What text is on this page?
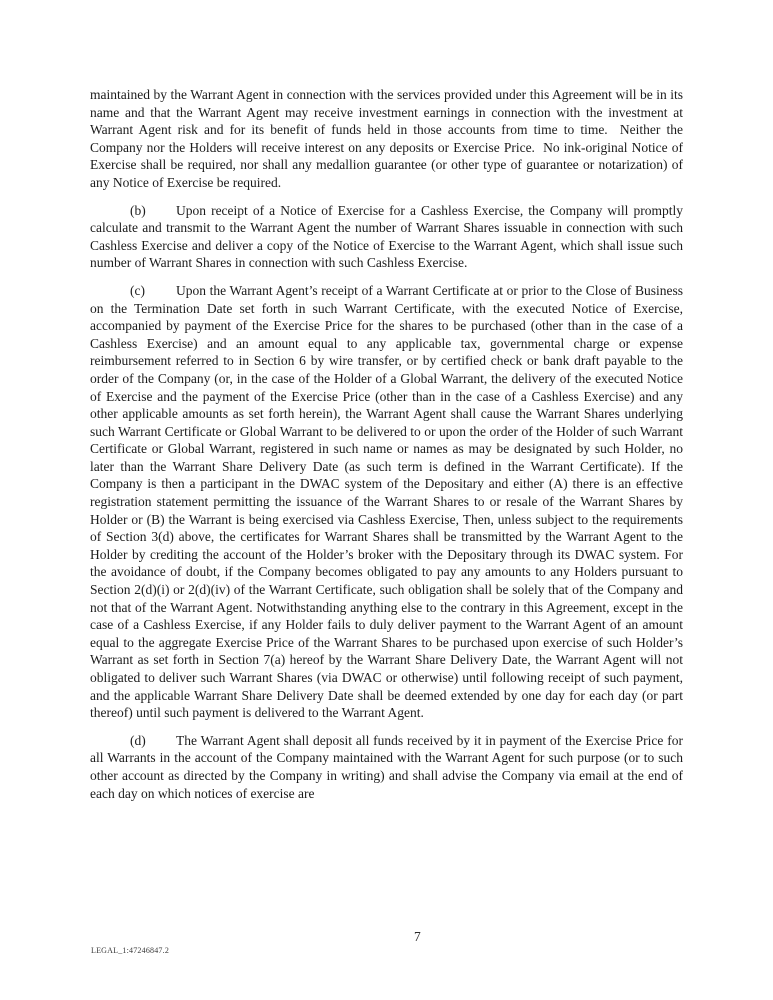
maintained by the Warrant Agent in connection with the services provided under this Agreement will be in its name and that the Warrant Agent may receive investment earnings in connection with the investment at Warrant Agent risk and for its benefit of funds held in those accounts from time to time.  Neither the Company nor the Holders will receive interest on any deposits or Exercise Price.  No ink-original Notice of Exercise shall be required, nor shall any medallion guarantee (or other type of guarantee or notarization) of any Notice of Exercise be required.

(b) Upon receipt of a Notice of Exercise for a Cashless Exercise, the Company will promptly calculate and transmit to the Warrant Agent the number of Warrant Shares issuable in connection with such Cashless Exercise and deliver a copy of the Notice of Exercise to the Warrant Agent, which shall issue such number of Warrant Shares in connection with such Cashless Exercise.

(c) Upon the Warrant Agent’s receipt of a Warrant Certificate at or prior to the Close of Business on the Termination Date set forth in such Warrant Certificate, with the executed Notice of Exercise, accompanied by payment of the Exercise Price for the shares to be purchased (other than in the case of a Cashless Exercise) and an amount equal to any applicable tax, governmental charge or expense reimbursement referred to in Section 6 by wire transfer, or by certified check or bank draft payable to the order of the Company (or, in the case of the Holder of a Global Warrant, the delivery of the executed Notice of Exercise and the payment of the Exercise Price (other than in the case of a Cashless Exercise) and any other applicable amounts as set forth herein), the Warrant Agent shall cause the Warrant Shares underlying such Warrant Certificate or Global Warrant to be delivered to or upon the order of the Holder of such Warrant Certificate or Global Warrant, registered in such name or names as may be designated by such Holder, no later than the Warrant Share Delivery Date (as such term is defined in the Warrant Certificate). If the Company is then a participant in the DWAC system of the Depositary and either (A) there is an effective registration statement permitting the issuance of the Warrant Shares to or resale of the Warrant Shares by Holder or (B) the Warrant is being exercised via Cashless Exercise, Then, unless subject to the requirements of Section 3(d) above, the certificates for Warrant Shares shall be transmitted by the Warrant Agent to the Holder by crediting the account of the Holder’s broker with the Depositary through its DWAC system. For the avoidance of doubt, if the Company becomes obligated to pay any amounts to any Holders pursuant to Section 2(d)(i) or 2(d)(iv) of the Warrant Certificate, such obligation shall be solely that of the Company and not that of the Warrant Agent. Notwithstanding anything else to the contrary in this Agreement, except in the case of a Cashless Exercise, if any Holder fails to duly deliver payment to the Warrant Agent of an amount equal to the aggregate Exercise Price of the Warrant Shares to be purchased upon exercise of such Holder’s Warrant as set forth in Section 7(a) hereof by the Warrant Share Delivery Date, the Warrant Agent will not obligated to deliver such Warrant Shares (via DWAC or otherwise) until following receipt of such payment, and the applicable Warrant Share Delivery Date shall be deemed extended by one day for each day (or part thereof) until such payment is delivered to the Warrant Agent.

(d) The Warrant Agent shall deposit all funds received by it in payment of the Exercise Price for all Warrants in the account of the Company maintained with the Warrant Agent for such purpose (or to such other account as directed by the Company in writing) and shall advise the Company via email at the end of each day on which notices of exercise are

7
LEGAL_1:47246847.2
